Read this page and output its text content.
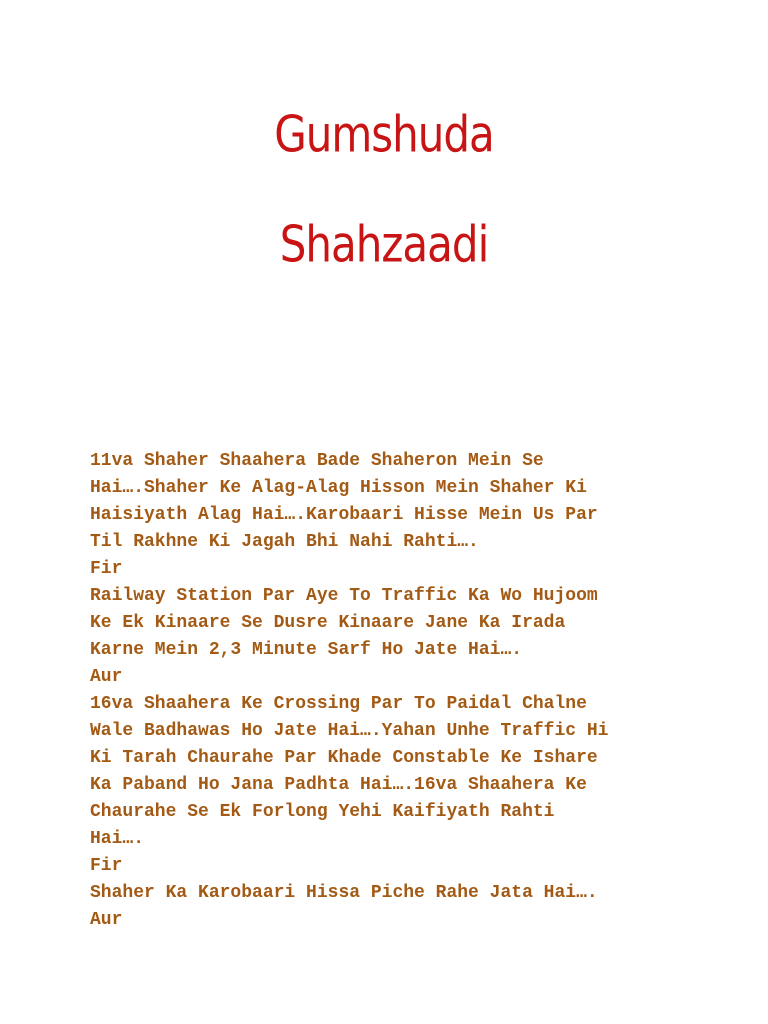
Gumshuda
Shahzaadi
11va Shaher Shaahera Bade Shaheron Mein Se
Hai….Shaher Ke Alag-Alag Hisson Mein Shaher Ki
Haisiyath Alag Hai….Karobaari Hisse Mein Us Par
Til Rakhne Ki Jagah Bhi Nahi Rahti….
Fir
Railway Station Par Aye To Traffic Ka Wo Hujoom
Ke Ek Kinaare Se Dusre Kinaare Jane Ka Irada
Karne Mein 2,3 Minute Sarf Ho Jate Hai….
Aur
16va Shaahera Ke Crossing Par To Paidal Chalne
Wale Badhawas Ho Jate Hai….Yahan Unhe Traffic Hi
Ki Tarah Chaurahe Par Khade Constable Ke Ishare
Ka Paband Ho Jana Padhta Hai….16va Shaahera Ke
Chaurahe Se Ek Forlong Yehi Kaifiyath Rahti
Hai….
Fir
Shaher Ka Karobaari Hissa Piche Rahe Jata Hai….
Aur
